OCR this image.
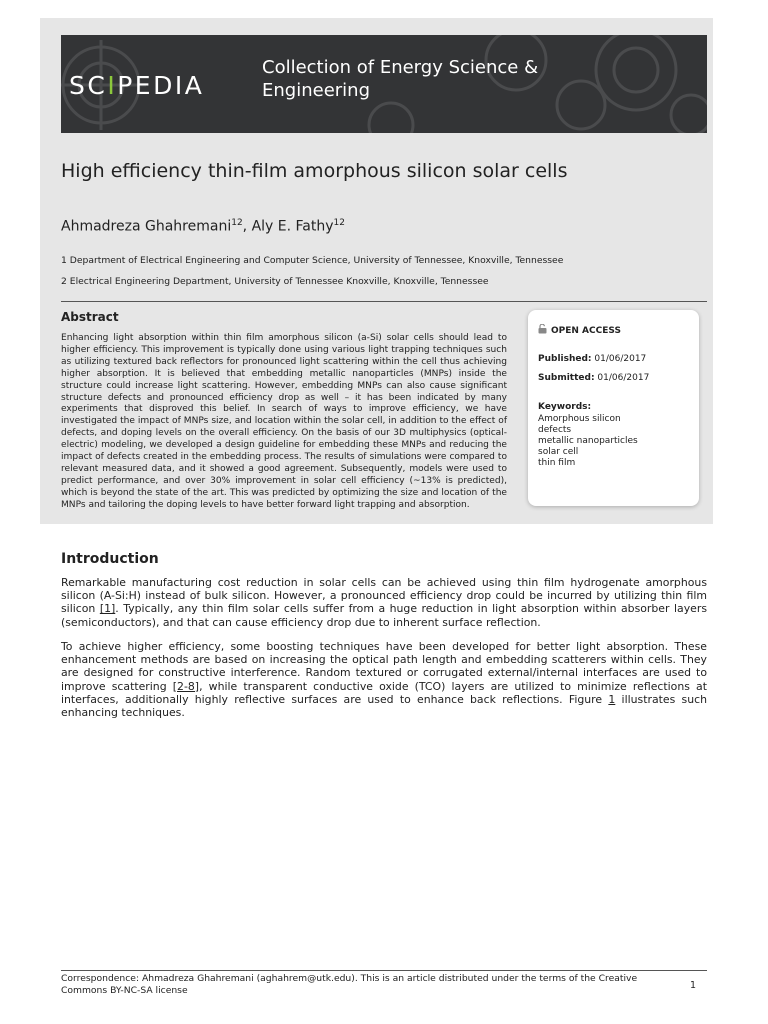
SCIPEDIA
Collection of Energy Science & Engineering
High efficiency thin-film amorphous silicon solar cells
Ahmadreza Ghahremani$^{12}$, Aly E. Fathy$^{12}$
1 Department of Electrical Engineering and Computer Science, University of Tennessee, Knoxville, Tennessee
2 Electrical Engineering Department, University of Tennessee Knoxville, Knoxville, Tennessee
Abstract
Enhancing light absorption within thin film amorphous silicon (a-Si) solar cells should lead to higher efficiency. This improvement is typically done using various light trapping techniques such as utilizing textured back reflectors for pronounced light scattering within the cell thus achieving higher absorption. It is believed that embedding metallic nanoparticles (MNPs) inside the structure could increase light scattering. However, embedding MNPs can also cause significant structure defects and pronounced efficiency drop as well – it has been indicated by many experiments that disproved this belief. In search of ways to improve efficiency, we have investigated the impact of MNPs size, and location within the solar cell, in addition to the effect of defects, and doping levels on the overall efficiency. On the basis of our 3D multiphysics (optical-electric) modeling, we developed a design guideline for embedding these MNPs and reducing the impact of defects created in the embedding process. The results of simulations were compared to relevant measured data, and it showed a good agreement. Subsequently, models were used to predict performance, and over 30% improvement in solar cell efficiency (~13% is predicted), which is beyond the state of the art. This was predicted by optimizing the size and location of the MNPs and tailoring the doping levels to have better forward light trapping and absorption.
OPEN ACCESS
Published: 01/06/2017
Submitted: 01/06/2017
Keywords:
Amorphous silicon
defects
metallic nanoparticles
solar cell
thin film
Introduction
Remarkable manufacturing cost reduction in solar cells can be achieved using thin film hydrogenate amorphous silicon (A-Si:H) instead of bulk silicon. However, a pronounced efficiency drop could be incurred by utilizing thin film silicon [1]. Typically, any thin film solar cells suffer from a huge reduction in light absorption within absorber layers (semiconductors), and that can cause efficiency drop due to inherent surface reflection.
To achieve higher efficiency, some boosting techniques have been developed for better light absorption. These enhancement methods are based on increasing the optical path length and embedding scatterers within cells. They are designed for constructive interference. Random textured or corrugated external/internal interfaces are used to improve scattering [2-8], while transparent conductive oxide (TCO) layers are utilized to minimize reflections at interfaces, additionally highly reflective surfaces are used to enhance back reflections. Figure 1 illustrates such enhancing techniques.
Correspondence: Ahmadreza Ghahremani (aghahrem@utk.edu). This is an article distributed under the terms of the Creative Commons BY-NC-SA license	1
